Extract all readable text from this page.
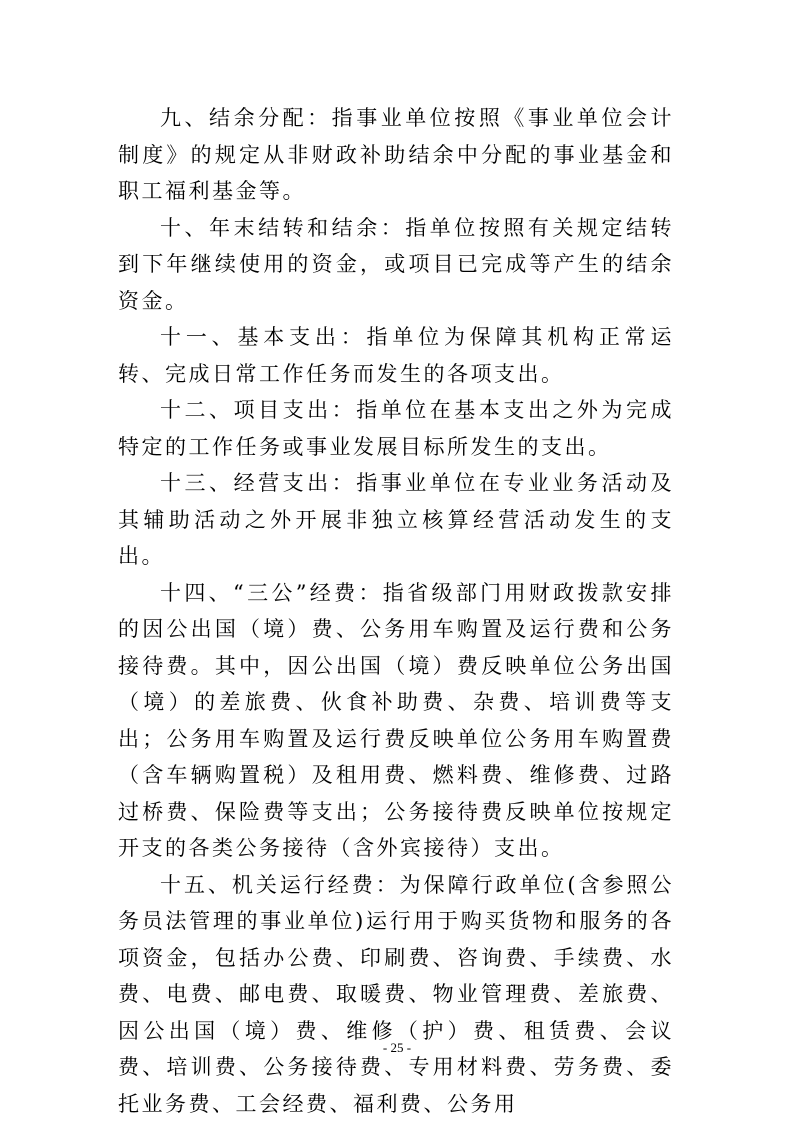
九、结余分配：指事业单位按照《事业单位会计制度》的规定从非财政补助结余中分配的事业基金和职工福利基金等。

十、年末结转和结余：指单位按照有关规定结转到下年继续使用的资金，或项目已完成等产生的结余资金。

十一、基本支出：指单位为保障其机构正常运转、完成日常工作任务而发生的各项支出。

十二、项目支出：指单位在基本支出之外为完成特定的工作任务或事业发展目标所发生的支出。

十三、经营支出：指事业单位在专业业务活动及其辅助活动之外开展非独立核算经营活动发生的支出。

十四、“三公”经费：指省级部门用财政拨款安排的因公出国（境）费、公务用车购置及运行费和公务接待费。其中，因公出国（境）费反映单位公务出国（境）的差旅费、伙食补助费、杂费、培训费等支出；公务用车购置及运行费反映单位公务用车购置费（含车辆购置税）及租用费、燃料费、维修费、过路过桥费、保险费等支出；公务接待费反映单位按规定开支的各类公务接待（含外宾接待）支出。

十五、机关运行经费：为保障行政单位(含参照公务员法管理的事业单位)运行用于购买货物和服务的各项资金，包括办公费、印刷费、咨询费、手续费、水费、电费、邮电费、取暖费、物业管理费、差旅费、因公出国（境）费、维修（护）费、租赁费、会议费、培训费、公务接待费、专用材料费、劳务费、委托业务费、工会经费、福利费、公务用

- 25 -
